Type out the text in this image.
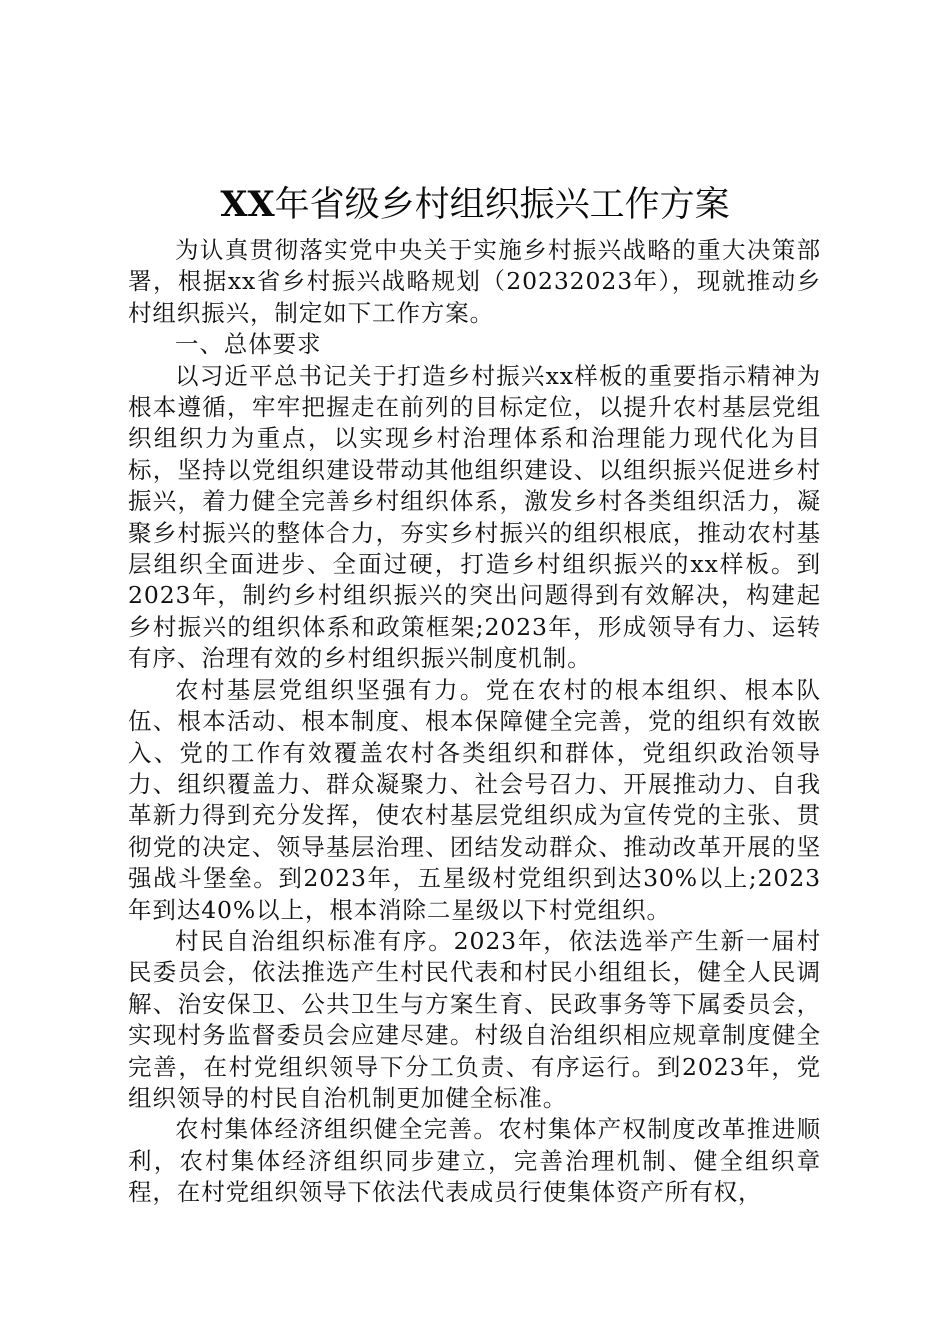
XX年省级乡村组织振兴工作方案

为认真贯彻落实党中央关于实施乡村振兴战略的重大决策部署，根据xx省乡村振兴战略规划（20232023年），现就推动乡村组织振兴，制定如下工作方案。

一、总体要求

以习近平总书记关于打造乡村振兴xx样板的重要指示精神为根本遵循，牢牢把握走在前列的目标定位，以提升农村基层党组织组织力为重点，以实现乡村治理体系和治理能力现代化为目标，坚持以党组织建设带动其他组织建设、以组织振兴促进乡村振兴，着力健全完善乡村组织体系，激发乡村各类组织活力，凝聚乡村振兴的整体合力，夯实乡村振兴的组织根底，推动农村基层组织全面进步、全面过硬，打造乡村组织振兴的xx样板。到2023年，制约乡村组织振兴的突出问题得到有效解决，构建起乡村振兴的组织体系和政策框架;2023年，形成领导有力、运转有序、治理有效的乡村组织振兴制度机制。

农村基层党组织坚强有力。党在农村的根本组织、根本队伍、根本活动、根本制度、根本保障健全完善，党的组织有效嵌入、党的工作有效覆盖农村各类组织和群体，党组织政治领导力、组织覆盖力、群众凝聚力、社会号召力、开展推动力、自我革新力得到充分发挥，使农村基层党组织成为宣传党的主张、贯彻党的决定、领导基层治理、团结发动群众、推动改革开展的坚强战斗堡垒。到2023年，五星级村党组织到达30%以上;2023年到达40%以上，根本消除二星级以下村党组织。

村民自治组织标准有序。2023年，依法选举产生新一届村民委员会，依法推选产生村民代表和村民小组组长，健全人民调解、治安保卫、公共卫生与方案生育、民政事务等下属委员会，实现村务监督委员会应建尽建。村级自治组织相应规章制度健全完善，在村党组织领导下分工负责、有序运行。到2023年，党组织领导的村民自治机制更加健全标准。

农村集体经济组织健全完善。农村集体产权制度改革推进顺利，农村集体经济组织同步建立，完善治理机制、健全组织章程，在村党组织领导下依法代表成员行使集体资产所有权，
